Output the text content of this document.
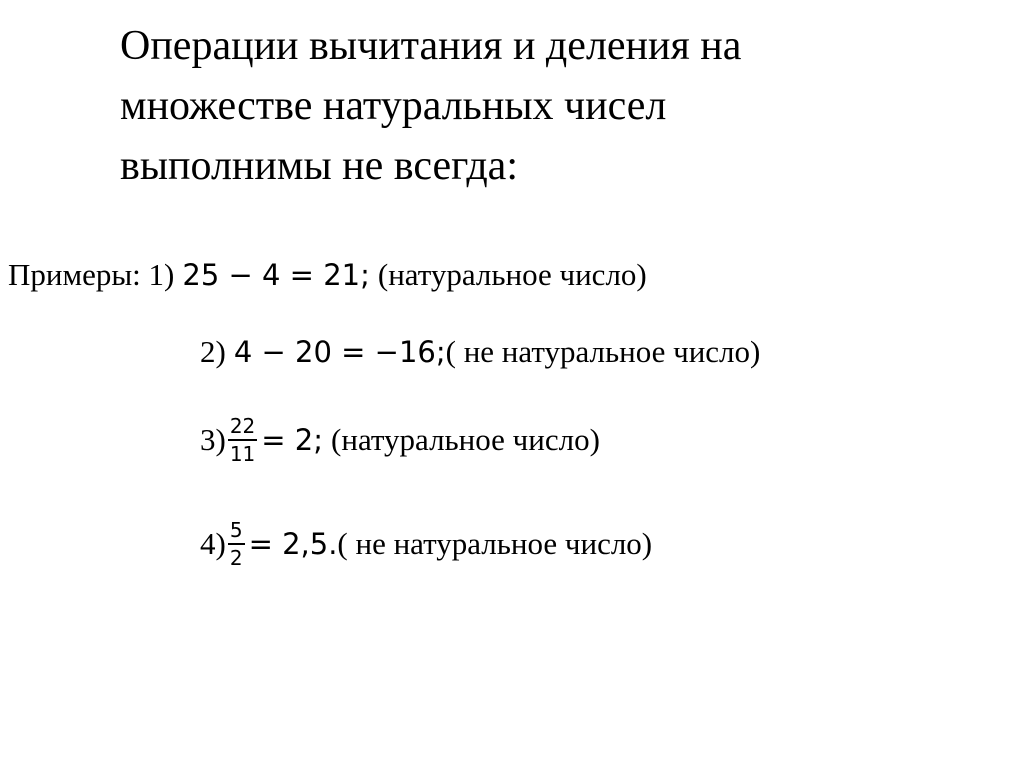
Операции вычитания и деления на
множестве натуральных чисел
выполнимы не всегда:
Примеры: 1) 25 − 4 = 21; (натуральное число)
2) 4 − 20 = −16; ( не натуральное число)
$3) \frac{22}{11} = 2$; (натуральное число)
$4) \frac{5}{2} = 2,5$. ( не натуральное число)
